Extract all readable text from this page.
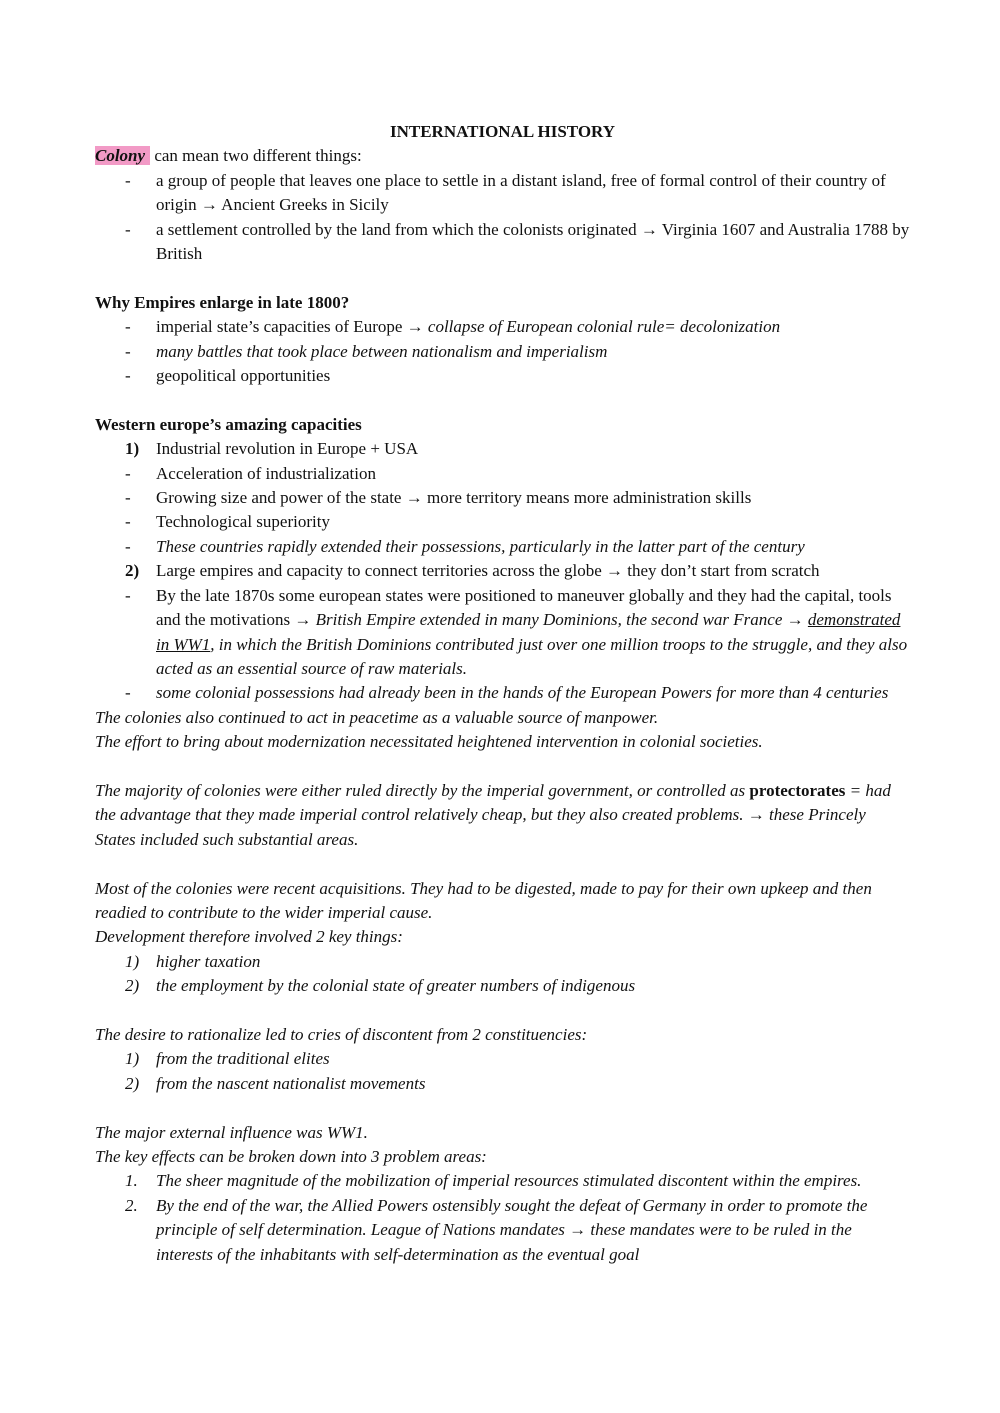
INTERNATIONAL HISTORY

Colony can mean two different things:

- a group of people that leaves one place to settle in a distant island, free of formal control of their country of origin → Ancient Greeks in Sicily
- a settlement controlled by the land from which the colonists originated → Virginia 1607 and Australia 1788 by British

Why Empires enlarge in late 1800?

- imperial state’s capacities of Europe → collapse of European colonial rule= decolonization
- many battles that took place between nationalism and imperialism
- geopolitical opportunities

Western europe’s amazing capacities

1) Industrial revolution in Europe + USA
- Acceleration of industrialization
- Growing size and power of the state → more territory means more administration skills
- Technological superiority
- These countries rapidly extended their possessions, particularly in the latter part of the century
2) Large empires and capacity to connect territories across the globe → they don’t start from scratch
- By the late 1870s some european states were positioned to maneuver globally and they had the capital, tools and the motivations → British Empire extended in many Dominions, the second war France → demonstrated in WW1, in which the British Dominions contributed just over one million troops to the struggle, and they also acted as an essential source of raw materials.
- some colonial possessions had already been in the hands of the European Powers for more than 4 centuries

The colonies also continued to act in peacetime as a valuable source of manpower.

The effort to bring about modernization necessitated heightened intervention in colonial societies.

The majority of colonies were either ruled directly by the imperial government, or controlled as protectorates = had the advantage that they made imperial control relatively cheap, but they also created problems. → these Princely States included such substantial areas.

Most of the colonies were recent acquisitions. They had to be digested, made to pay for their own upkeep and then readied to contribute to the wider imperial cause.

Development therefore involved 2 key things:

1) higher taxation
2) the employment by the colonial state of greater numbers of indigenous

The desire to rationalize led to cries of discontent from 2 constituencies:

1) from the traditional elites
2) from the nascent nationalist movements

The major external influence was WW1.

The key effects can be broken down into 3 problem areas:

1. The sheer magnitude of the mobilization of imperial resources stimulated discontent within the empires.
2. By the end of the war, the Allied Powers ostensibly sought the defeat of Germany in order to promote the principle of self determination. League of Nations mandates → these mandates were to be ruled in the interests of the inhabitants with self-determination as the eventual goal
